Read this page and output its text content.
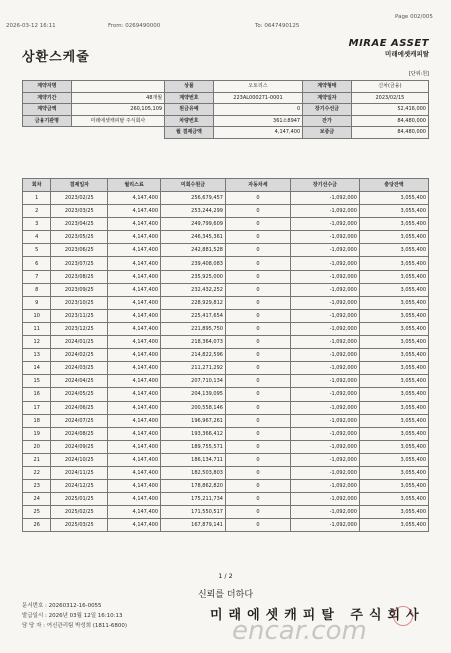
2026-03-12 16:11	From: 0269490000	To: 0647490125
Page 002/005
상환스케줄
MIRAE ASSET
미래에셋캐피탈
[단위:원]
계약자명		상품	오토리스	계약형태	신차(금융)
계약기간	48개월	계약번호	223AL000271-0001	계약일자	2023/02/15
계약금액	260,105,109	원금유예	0	장기수선금	52,416,000
금융기관명	미래에셋캐피탈 주식회사	차량번호	361소8947	잔가	84,480,000
		월 결제금액	4,147,400	보증금	84,480,000
회차	결제일자	월리스료	미회수원금	자동차세	장기선수금	충당잔액
1	2023/02/25	4,147,400	256,679,457	0	-1,092,000	3,055,400
2	2023/03/25	4,147,400	253,244,299	0	-1,092,000	3,055,400
3	2023/04/25	4,147,400	249,799,609	0	-1,092,000	3,055,400
4	2023/05/25	4,147,400	246,345,361	0	-1,092,000	3,055,400
5	2023/06/25	4,147,400	242,881,528	0	-1,092,000	3,055,400
6	2023/07/25	4,147,400	239,408,083	0	-1,092,000	3,055,400
7	2023/08/25	4,147,400	235,925,000	0	-1,092,000	3,055,400
8	2023/09/25	4,147,400	232,432,252	0	-1,092,000	3,055,400
9	2023/10/25	4,147,400	228,929,812	0	-1,092,000	3,055,400
10	2023/11/25	4,147,400	225,417,654	0	-1,092,000	3,055,400
11	2023/12/25	4,147,400	221,895,750	0	-1,092,000	3,055,400
12	2024/01/25	4,147,400	218,364,073	0	-1,092,000	3,055,400
13	2024/02/25	4,147,400	214,822,596	0	-1,092,000	3,055,400
14	2024/03/25	4,147,400	211,271,292	0	-1,092,000	3,055,400
15	2024/04/25	4,147,400	207,710,134	0	-1,092,000	3,055,400
16	2024/05/25	4,147,400	204,139,095	0	-1,092,000	3,055,400
17	2024/06/25	4,147,400	200,558,146	0	-1,092,000	3,055,400
18	2024/07/25	4,147,400	196,967,261	0	-1,092,000	3,055,400
19	2024/08/25	4,147,400	193,366,412	0	-1,092,000	3,055,400
20	2024/09/25	4,147,400	189,755,571	0	-1,092,000	3,055,400
21	2024/10/25	4,147,400	186,134,711	0	-1,092,000	3,055,400
22	2024/11/25	4,147,400	182,503,803	0	-1,092,000	3,055,400
23	2024/12/25	4,147,400	178,862,820	0	-1,092,000	3,055,400
24	2025/01/25	4,147,400	175,211,734	0	-1,092,000	3,055,400
25	2025/02/25	4,147,400	171,550,517	0	-1,092,000	3,055,400
26	2025/03/25	4,147,400	167,879,141	0	-1,092,000	3,055,400
1 / 2
신뢰를 더하다
문서번호 : 20260312-16-0055
발급일시 : 2026년 03월 12일 16:10:13
담 당 자 : 여신관리팀 박성희 (1811-6800)
미래에셋캐피탈 주식회사
encar.com
